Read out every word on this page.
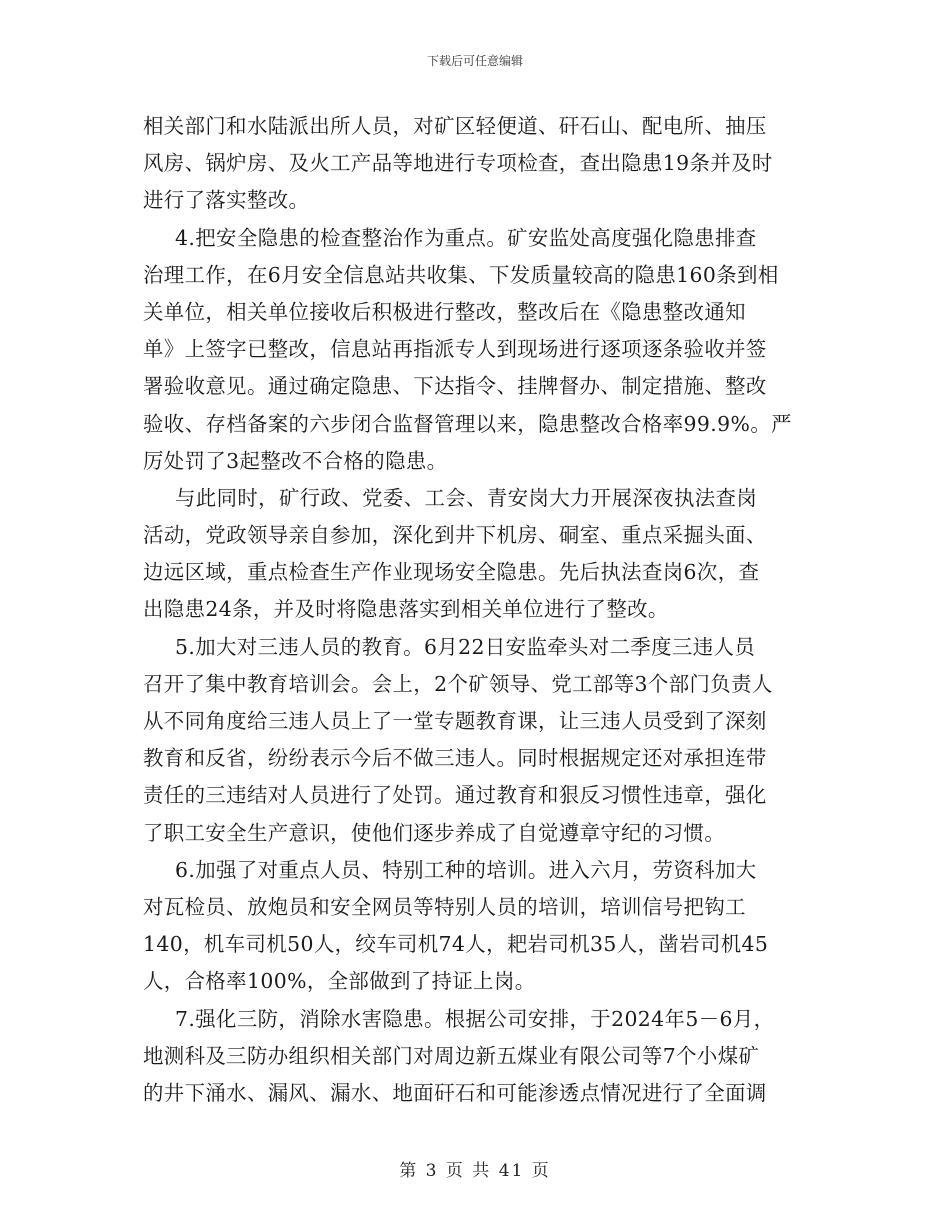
下载后可任意编辑
相关部门和水陆派出所人员，对矿区轻便道、矸石山、配电所、抽压
风房、锅炉房、及火工产品等地进行专项检查，查出隐患19条并及时
进行了落实整改。
4.把安全隐患的检查整治作为重点。矿安监处高度强化隐患排查
治理工作，在6月安全信息站共收集、下发质量较高的隐患160条到相
关单位，相关单位接收后积极进行整改，整改后在《隐患整改通知
单》上签字已整改，信息站再指派专人到现场进行逐项逐条验收并签
署验收意见。通过确定隐患、下达指令、挂牌督办、制定措施、整改
验收、存档备案的六步闭合监督管理以来，隐患整改合格率99.9%。严
厉处罚了3起整改不合格的隐患。
与此同时，矿行政、党委、工会、青安岗大力开展深夜执法查岗
活动，党政领导亲自参加，深化到井下机房、硐室、重点采掘头面、
边远区域，重点检查生产作业现场安全隐患。先后执法查岗6次，查
出隐患24条，并及时将隐患落实到相关单位进行了整改。
5.加大对三违人员的教育。6月22日安监牵头对二季度三违人员
召开了集中教育培训会。会上，2个矿领导、党工部等3个部门负责人
从不同角度给三违人员上了一堂专题教育课，让三违人员受到了深刻
教育和反省，纷纷表示今后不做三违人。同时根据规定还对承担连带
责任的三违结对人员进行了处罚。通过教育和狠反习惯性违章，强化
了职工安全生产意识，使他们逐步养成了自觉遵章守纪的习惯。
6.加强了对重点人员、特别工种的培训。进入六月，劳资科加大
对瓦检员、放炮员和安全网员等特别人员的培训，培训信号把钩工
140，机车司机50人，绞车司机74人，耙岩司机35人，凿岩司机45
人，合格率100%，全部做到了持证上岗。
7.强化三防，消除水害隐患。根据公司安排，于2024年5－6月，
地测科及三防办组织相关部门对周边新五煤业有限公司等7个小煤矿
的井下涌水、漏风、漏水、地面矸石和可能渗透点情况进行了全面调
第 3 页 共 41 页
